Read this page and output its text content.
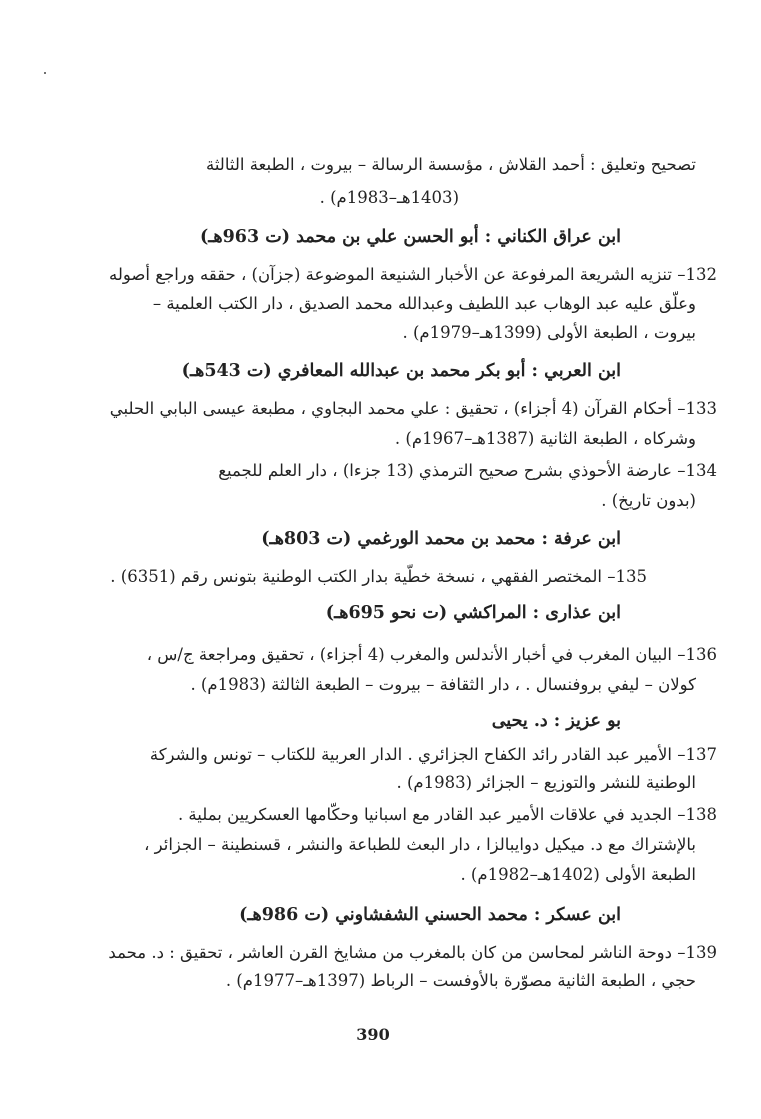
تصحيح وتعليق : أحمد القلاش ، مؤسسة الرسالة – بيروت ، الطبعة الثالثة
(1403هـ–1983م) .
ابن عراق الكناني : أبو الحسن علي بن محمد (ت 963هـ)
132– تنزيه الشريعة المرفوعة عن الأخبار الشنيعة الموضوعة (جزآن) ، حققه وراجع أصوله
وعلّق عليه عبد الوهاب عبد اللطيف وعبدالله محمد الصديق ، دار الكتب العلمية –
بيروت ، الطبعة الأولى (1399هـ–1979م) .
ابن العربي : أبو بكر محمد بن عبدالله المعافري (ت 543هـ)
133– أحكام القرآن (4 أجزاء) ، تحقيق : علي محمد البجاوي ، مطبعة عيسى البابي الحلبي
وشركاه ، الطبعة الثانية (1387هـ–1967م) .
134– عارضة الأحوذي بشرح صحيح الترمذي (13 جزءا) ، دار العلم للجميع
(بدون تاريخ) .
ابن عرفة : محمد بن محمد الورغمي (ت 803هـ)
135– المختصر الفقهي ، نسخة خطّية بدار الكتب الوطنية بتونس رقم (6351) .
ابن عذارى : المراكشي (ت نحو 695هـ)
136– البيان المغرب في أخبار الأندلس والمغرب (4 أجزاء) ، تحقيق ومراجعة ج/س ،
كولان – ليفي بروفنسال . ، دار الثقافة – بيروت – الطبعة الثالثة (1983م) .
بو عزيز : د. يحيى
137– الأمير عبد القادر رائد الكفاح الجزائري . الدار العربية للكتاب – تونس والشركة
الوطنية للنشر والتوزيع – الجزائر (1983م) .
138– الجديد في علاقات الأمير عبد القادر مع اسبانيا وحكّامها العسكريين بملية .
بالإشتراك مع د. ميكيل دوايبالزا ، دار البعث للطباعة والنشر ، قسنطينة – الجزائر ،
الطبعة الأولى (1402هـ–1982م) .
ابن عسكر : محمد الحسني الشفشاوني (ت 986هـ)
139– دوحة الناشر لمحاسن من كان بالمغرب من مشايخ القرن العاشر ، تحقيق : د. محمد
حجي ، الطبعة الثانية مصوّرة بالأوفست – الرباط (1397هـ–1977م) .
390
